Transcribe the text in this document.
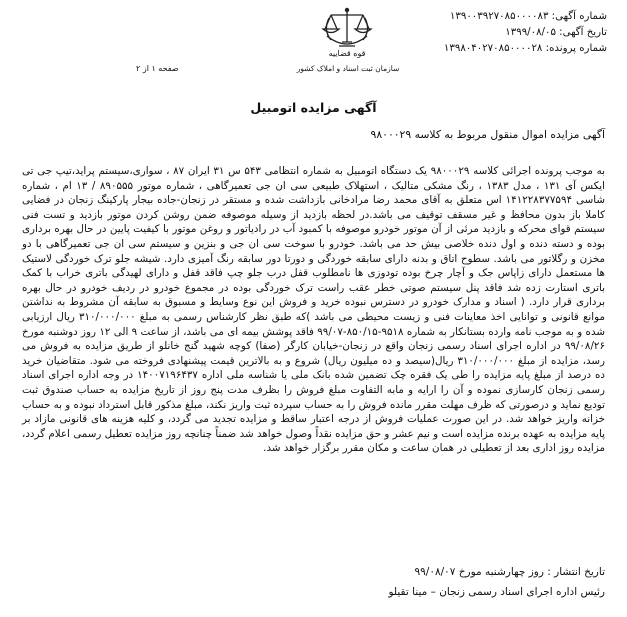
شماره آگهی: ۱۳۹۰۰۳۹۲۷۰۸۵۰۰۰۰۸۳
تاریخ آگهی: ۱۳۹۹/۰۸/۰۵
شماره پرونده: ۱۳۹۸۰۴۰۲۷۰۸۵۰۰۰۰۲۸
قوه قضاییه
سازمان ثبت اسناد و املاک کشور
صفحه ۱ از ۲
آگهی مزایده اتومبیل
آگهی مزایده اموال منقول مربوط به کلاسه ۹۸۰۰۰۲۹
به موجب پرونده اجرائی کلاسه ۹۸۰۰۰۲۹ یک دستگاه اتومبیل به شماره انتظامی ۵۴۳ س ۳۱ ایران ۸۷ ، سواری،سیستم پراید،تیپ جی تی ایکس آی ۱۳۱ ، مدل ۱۳۸۳ ، رنگ مشکی متالیک ، استهلاک طبیعی سی ان جی تعمیرگاهی ، شماره موتور ۸۹۰۵۵۵ / ۱۳ ام ، شماره شاسی ۱۴۱۲۲۸۳۷۷۵۹۴ اس متعلق به آقای محمد رضا مرادخانی بازداشت شده و مستقر در زنجان-جاده بیجار پارکینگ زنجان در فضایی کاملا باز بدون محافظ و غیر مسقف توقیف می باشد.در لحظه بازدید از وسیله موصوفه ضمن روشن کردن موتور بازدید و تست فنی سیستم قوای محرکه و بازدید مرئی از آن موتور خودرو موصوفه با کمبود آب در رادیاتور و روغن موتور با کیفیت پایین در حال بهره برداری بوده و دسته دنده و اول دنده خلاصی بیش حد می باشد. خودرو با سوخت سی ان جی و بنزین و سیستم سی ان جی تعمیرگاهی با دو مخزن و رگلاتور می باشد. سطوح اتاق و بدنه دارای سابقه خوردگی و دورتا دور سابقه رنگ آمیزی دارد. شیشه جلو ترک خوردگی لاستیک ها مستعمل دارای زاپاس جک و آچار چرخ بوده تودوزی ها نامطلوب قفل درب جلو چپ فاقد قفل و دارای لهیدگی باتری خراب با کمک باتری استارت زده شد فاقد پنل سیستم صوتی خطر عقب راست ترک خوردگی بوده در مجموع خودرو در ردیف خودرو در حال بهره برداری قرار دارد. ( اسناد و مدارک خودرو در دسترس نبوده خرید و فروش این نوع وسایط و مسبوق به سابقه آن مشروط به نداشتن موانع قانونی و توانایی اخذ معاینات فنی و زیست محیطی می باشد )که طبق نظر کارشناس رسمی به مبلغ ۳۱۰/۰۰۰/۰۰۰ ریال ارزیابی شده و به موجب نامه وارده بستانکار به شماره ۹۵۱۸-۸۵۰/۱۵-۹۹/۰۷ فاقد پوشش بیمه ای می باشد، از ساعت ۹ الی ۱۲ روز دوشنبه مورخ ۹۹/۰۸/۲۶ در اداره اجرای اسناد رسمی زنجان واقع در زنجان-خیابان کارگر (صفا) کوچه شهید گنج خانلو از طریق مزایده به فروش می رسد، مزایده از مبلغ ۳۱۰/۰۰۰/۰۰۰ ریال(سیصد و ده میلیون ریال) شروع و به بالاترین قیمت پیشنهادی فروخته می شود. متقاضیان خرید ده درصد از مبلغ پایه مزایده را طی یک فقره چک تضمین شده بانک ملی یا شناسه ملی اداره ۱۴۰۰۷۱۹۶۴۳۷ در وجه اداره اجرای اسناد رسمی زنجان کارسازی نموده و آن را ارایه و مابه التفاوت مبلغ فروش را بظرف مدت پنج روز از تاریخ مزایده به حساب صندوق ثبت تودیع نماید و درصورتی که ظرف مهلت مقرر مانده فروش را به حساب سپرده ثبت واریز نکند، مبلغ مذکور قابل استرداد نبوده و به حساب خزانه واریز خواهد شد. در این صورت عملیات فروش از درجه اعتبار ساقط و مزایده تجدید می گردد، و کلیه هزینه های قانونی مازاد بر پایه مزایده به عهده برنده مزایده است و نیم عشر و حق مزایده نقداً وصول خواهد شد ضمناً چنانچه روز مزایده تعطیل رسمی اعلام گردد، مزایده روز اداری بعد از تعطیلی در همان ساعت و مکان مقرر برگزار خواهد شد.
تاریخ انتشار : روز چهارشنبه مورخ ۹۹/۰۸/۰۷
رئیس اداره اجرای اسناد رسمی زنجان – مینا تقیلو
